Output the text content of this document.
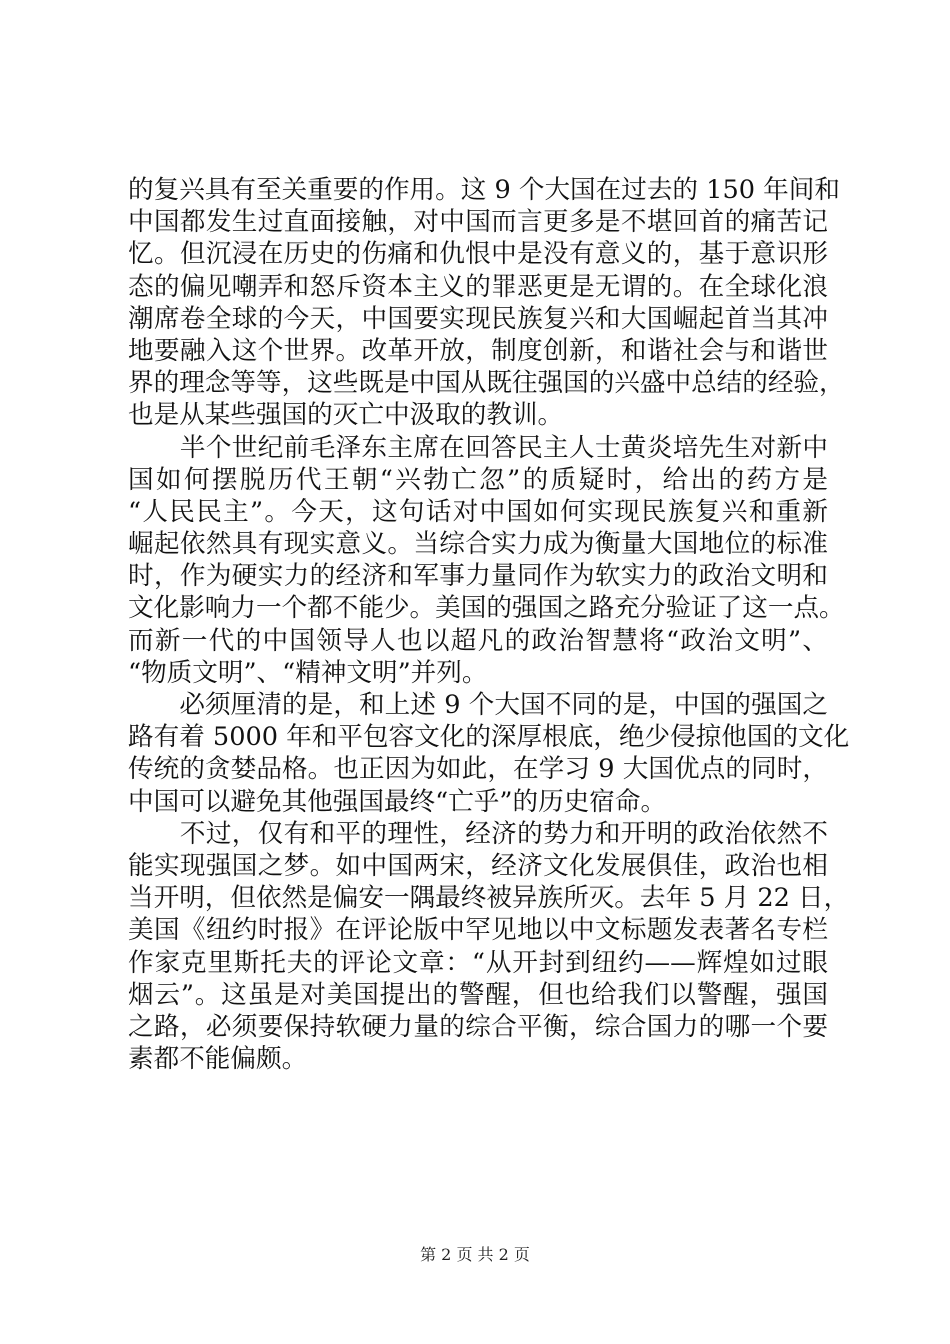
的复兴具有至关重要的作用。这 9 个大国在过去的 150 年间和
中国都发生过直面接触，对中国而言更多是不堪回首的痛苦记
忆。但沉浸在历史的伤痛和仇恨中是没有意义的，基于意识形
态的偏见嘲弄和怒斥资本主义的罪恶更是无谓的。在全球化浪
潮席卷全球的今天，中国要实现民族复兴和大国崛起首当其冲
地要融入这个世界。改革开放，制度创新，和谐社会与和谐世
界的理念等等，这些既是中国从既往强国的兴盛中总结的经验，
也是从某些强国的灭亡中汲取的教训。
　　半个世纪前毛泽东主席在回答民主人士黄炎培先生对新中
国如何摆脱历代王朝“兴勃亡忽”的质疑时，给出的药方是
“人民民主”。今天，这句话对中国如何实现民族复兴和重新
崛起依然具有现实意义。当综合实力成为衡量大国地位的标准
时，作为硬实力的经济和军事力量同作为软实力的政治文明和
文化影响力一个都不能少。美国的强国之路充分验证了这一点。
而新一代的中国领导人也以超凡的政治智慧将“政治文明”、
“物质文明”、“精神文明”并列。
　　必须厘清的是，和上述 9 个大国不同的是，中国的强国之
路有着 5000 年和平包容文化的深厚根底，绝少侵掠他国的文化
传统的贪婪品格。也正因为如此，在学习 9 大国优点的同时，
中国可以避免其他强国最终“亡乎”的历史宿命。
　　不过，仅有和平的理性，经济的势力和开明的政治依然不
能实现强国之梦。如中国两宋，经济文化发展俱佳，政治也相
当开明，但依然是偏安一隅最终被异族所灭。去年 5 月 22 日，
美国《纽约时报》在评论版中罕见地以中文标题发表著名专栏
作家克里斯托夫的评论文章：“从开封到纽约——辉煌如过眼
烟云”。这虽是对美国提出的警醒，但也给我们以警醒，强国
之路，必须要保持软硬力量的综合平衡，综合国力的哪一个要
素都不能偏颇。
第 2 页 共 2 页
